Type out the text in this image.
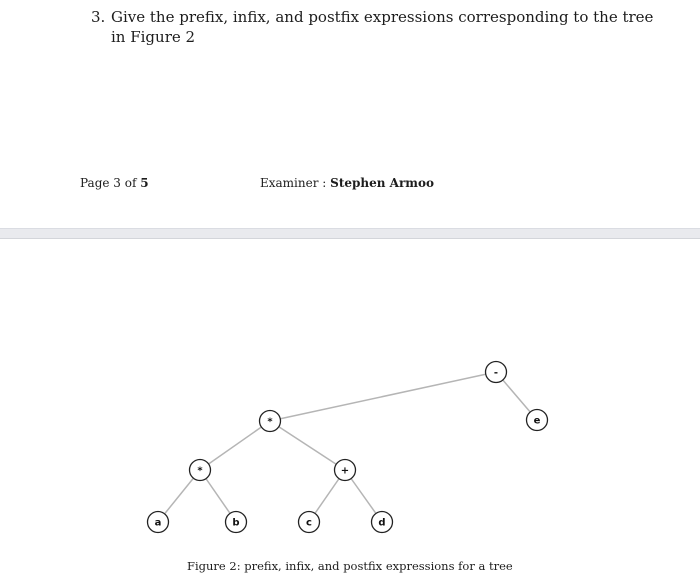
3. Give the prefix, infix, and postfix expressions corresponding to the tree
in Figure 2
Page 3 of 5	Examiner : Stephen Armoo
-
e
*
*	+
a	b	c	d
Figure 2: prefix, infix, and postfix expressions for a tree
